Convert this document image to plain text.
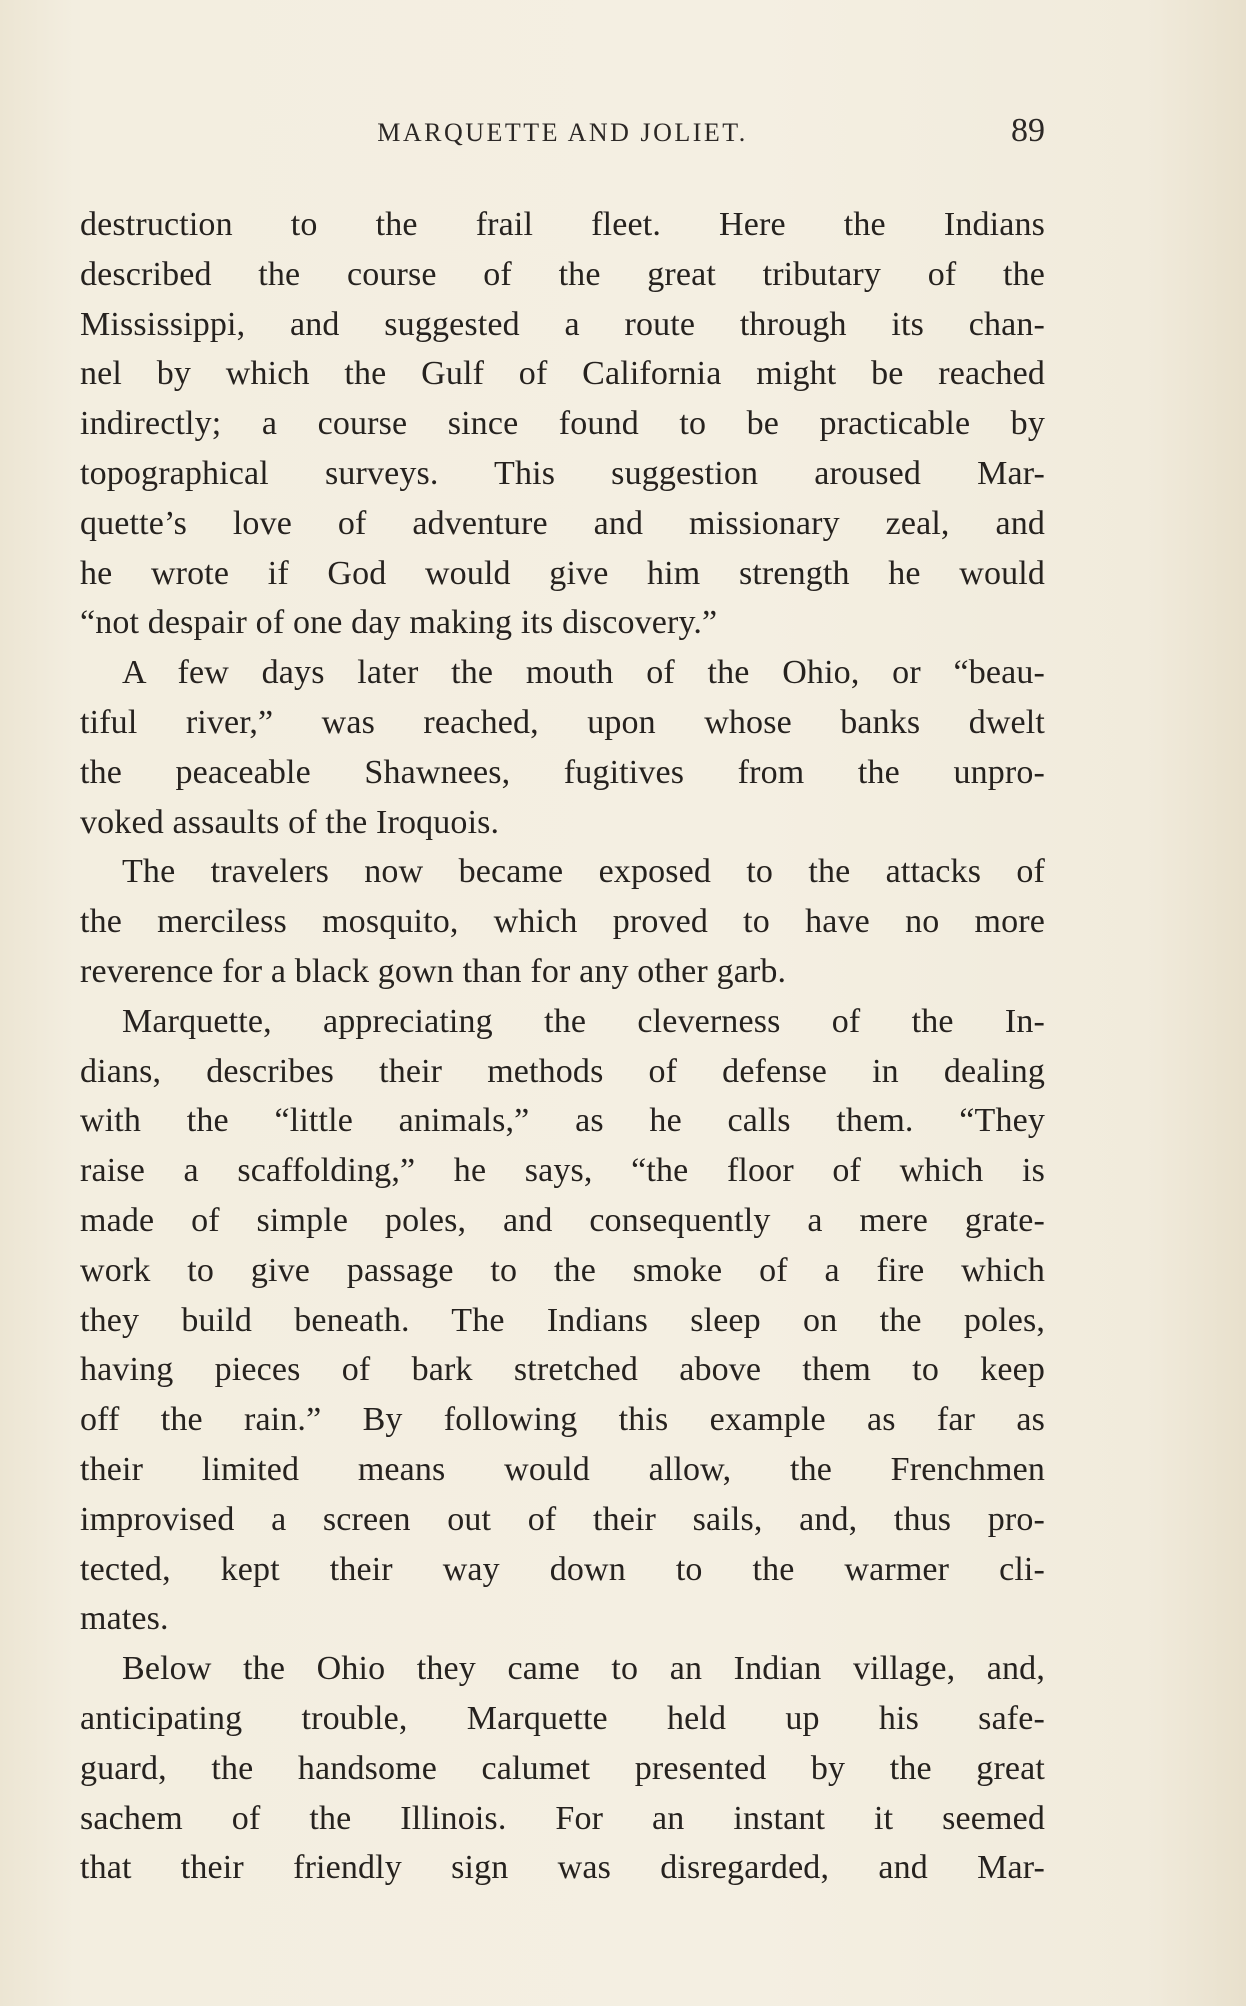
MARQUETTE AND JOLIET.	89
destruction to the frail fleet. Here the Indians
described the course of the great tributary of the
Mississippi, and suggested a route through its chan-
nel by which the Gulf of California might be reached
indirectly; a course since found to be practicable by
topographical surveys. This suggestion aroused Mar-
quette’s love of adventure and missionary zeal, and
he wrote if God would give him strength he would
“not despair of one day making its discovery.”
A few days later the mouth of the Ohio, or “beau-
tiful river,” was reached, upon whose banks dwelt
the peaceable Shawnees, fugitives from the unpro-
voked assaults of the Iroquois.
The travelers now became exposed to the attacks of
the merciless mosquito, which proved to have no more
reverence for a black gown than for any other garb.
Marquette, appreciating the cleverness of the In-
dians, describes their methods of defense in dealing
with the “little animals,” as he calls them. “They
raise a scaffolding,” he says, “the floor of which is
made of simple poles, and consequently a mere grate-
work to give passage to the smoke of a fire which
they build beneath. The Indians sleep on the poles,
having pieces of bark stretched above them to keep
off the rain.” By following this example as far as
their limited means would allow, the Frenchmen
improvised a screen out of their sails, and, thus pro-
tected, kept their way down to the warmer cli-
mates.
Below the Ohio they came to an Indian village, and,
anticipating trouble, Marquette held up his safe-
guard, the handsome calumet presented by the great
sachem of the Illinois. For an instant it seemed
that their friendly sign was disregarded, and Mar-
